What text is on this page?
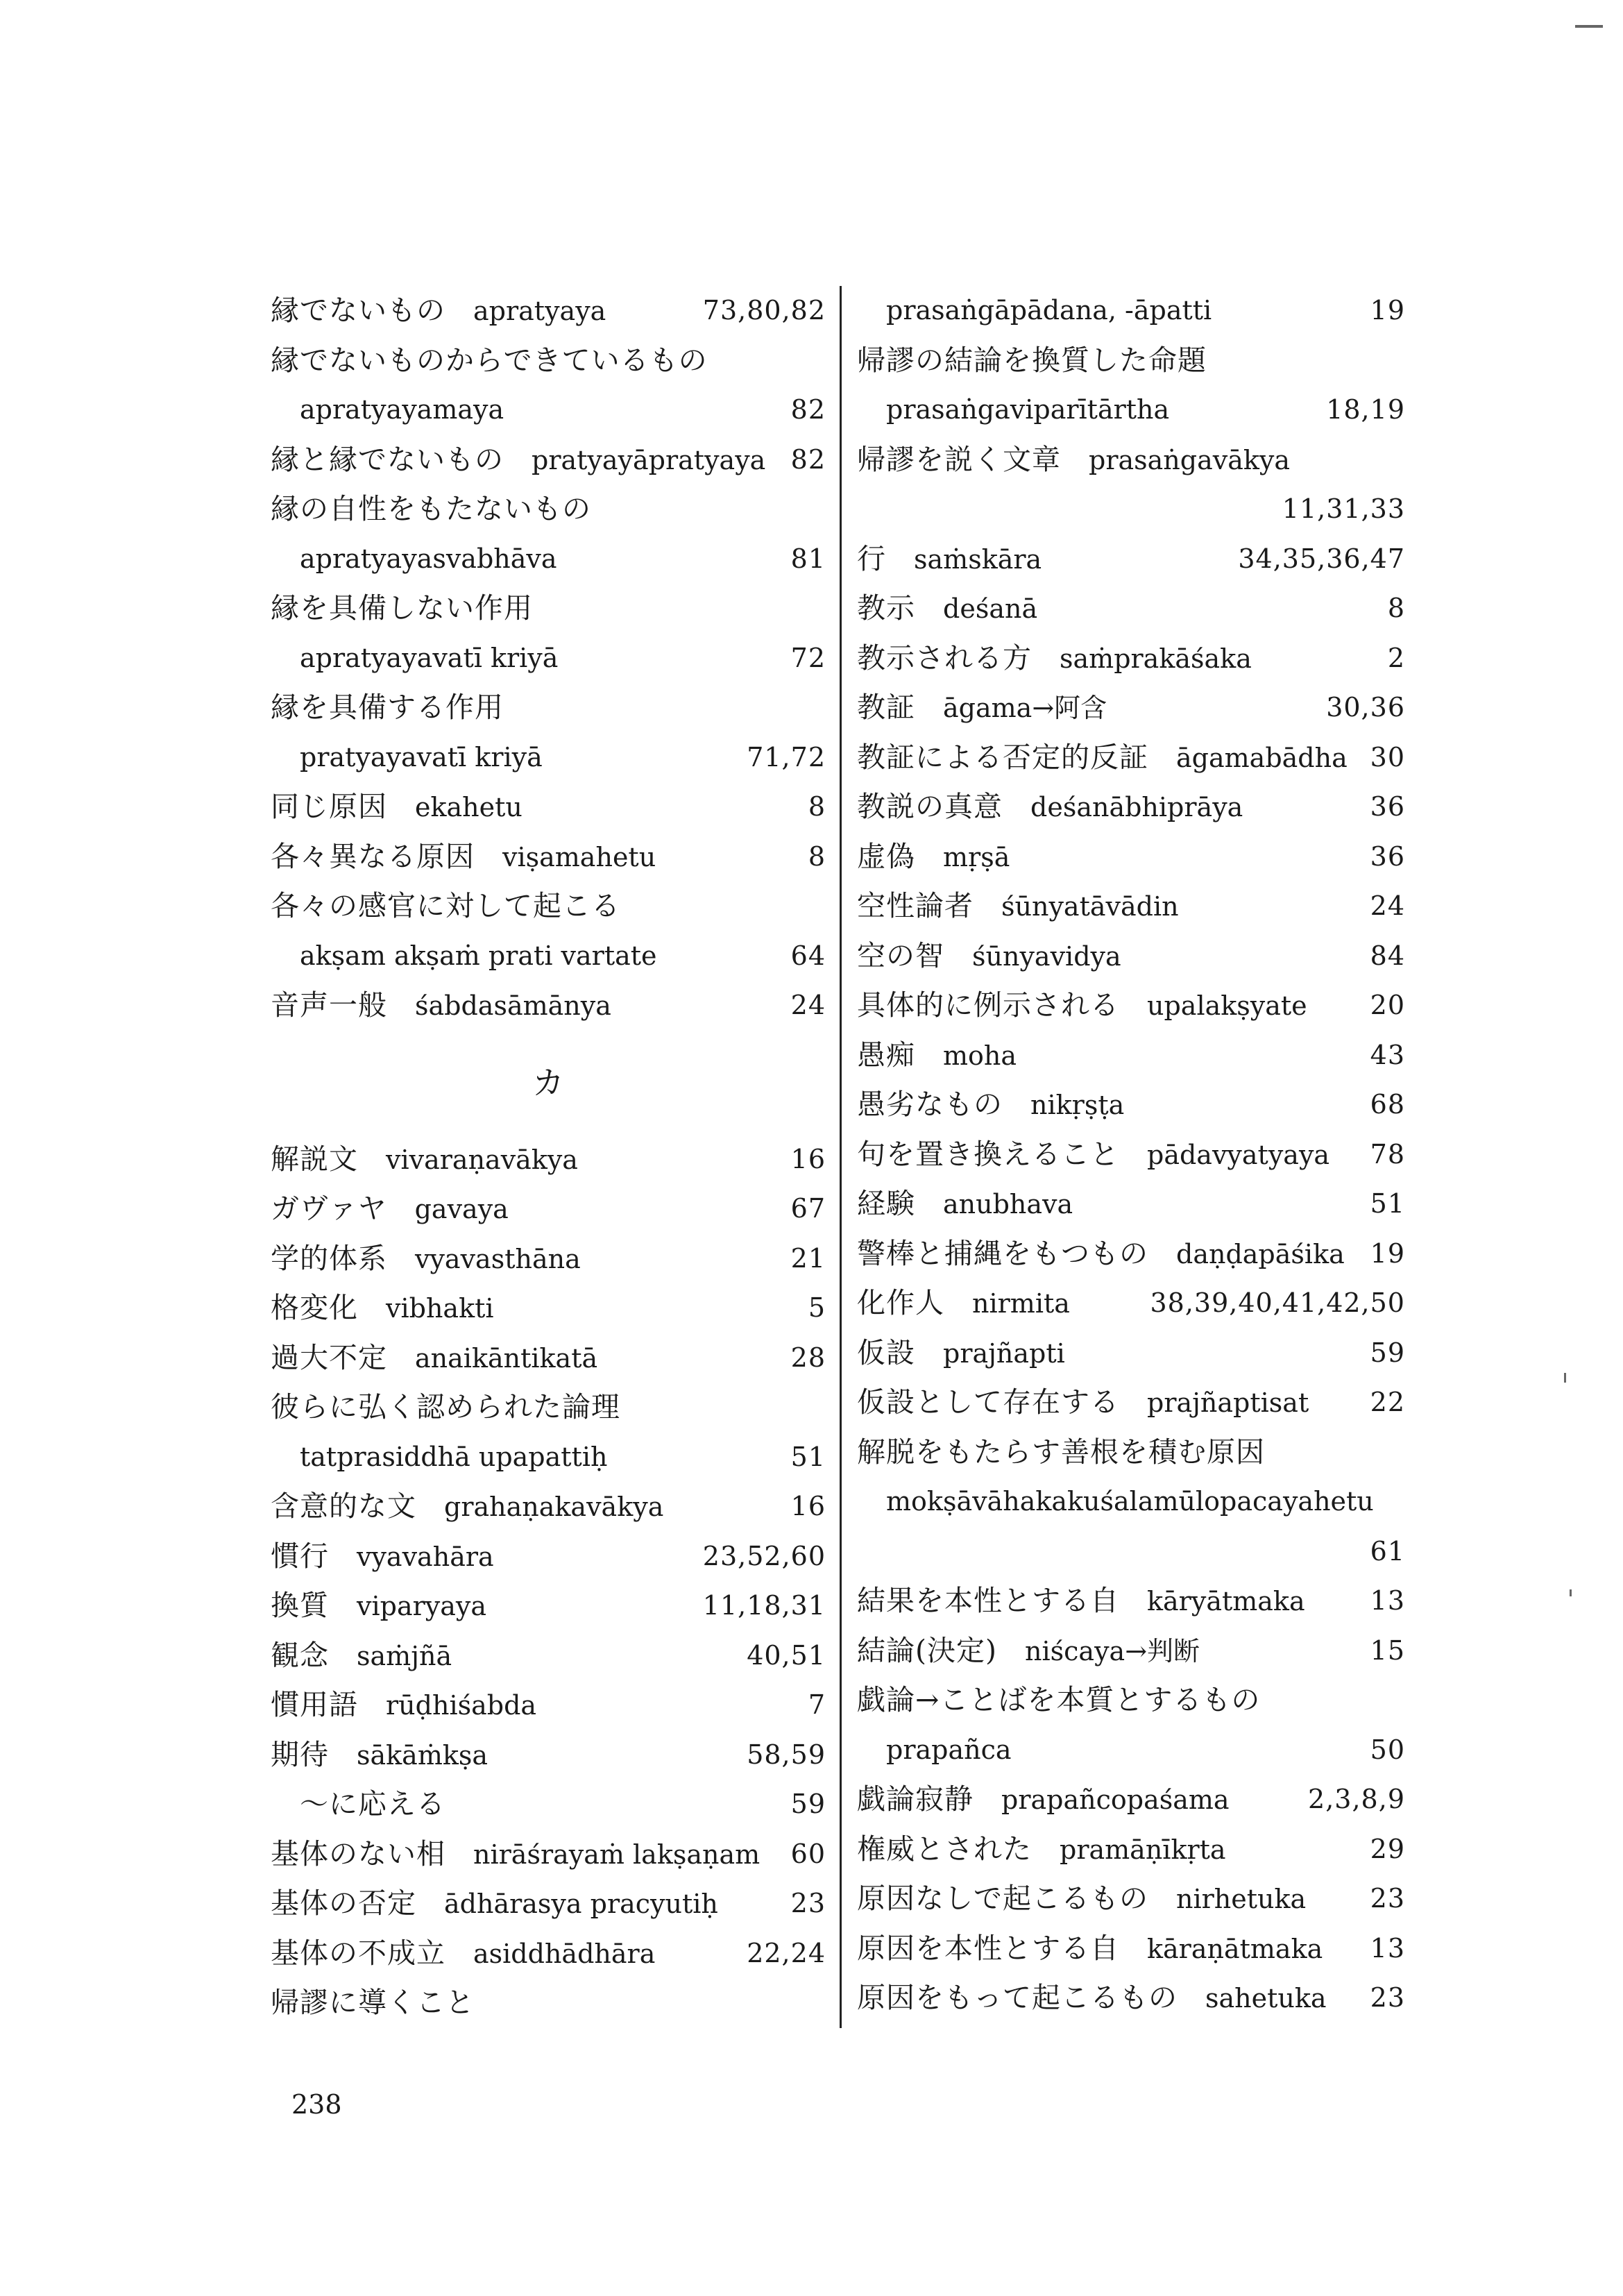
縁でないもの apratyaya	73,80,82
縁でないものからできているもの
apratyayamaya	82
縁と縁でないもの pratyayāpratyaya 82
縁の自性をもたないもの
apratyayasvabhāva	81
縁を具備しない作用
apratyayavatī kriyā	72
縁を具備する作用
pratyayavatī kriyā	71,72
同じ原因 ekahetu	8
各々異なる原因 viṣamahetu	8
各々の感官に対して起こる
akṣam akṣaṁ prati vartate	64
音声一般 śabdasāmānya	24
カ
解説文 vivaraṇavākya	16
ガヴァヤ gavaya	67
学的体系 vyavasthāna	21
格変化 vibhakti	5
過大不定 anaikāntikatā	28
彼らに弘く認められた論理
tatprasiddhā upapattiḥ	51
含意的な文 grahaṇakavākya	16
慣行 vyavahāra	23,52,60
換質 viparyaya	11,18,31
観念 saṁjñā	40,51
慣用語 rūḍhiśabda	7
期待 sākāṁkṣa	58,59
～に応える	59
基体のない相 nirāśrayaṁ lakṣaṇam 60
基体の否定 ādhārasya pracyutiḥ	23
基体の不成立 asiddhādhāra	22,24
帰謬に導くこと
prasaṅgāpādana, -āpatti	19
帰謬の結論を換質した命題
prasaṅgaviparītārtha	18,19
帰謬を説く文章 prasaṅgavākya
11,31,33
行 saṁskāra	34,35,36,47
教示 deśanā	8
教示される方 saṁprakāśaka	2
教証 āgama→阿含	30,36
教証による否定的反証 āgamabādha 30
教説の真意 deśanābhiprāya	36
虚偽 mṛṣā	36
空性論者 śūnyatāvādin	24
空の智 śūnyavidya	84
具体的に例示される upalakṣyate 20
愚痴 moha	43
愚劣なもの nikṛṣṭa	68
句を置き換えること pādavyatyaya 78
経験 anubhava	51
警棒と捕縄をもつもの daṇḍapāśika 19
化作人 nirmita	38,39,40,41,42,50
仮設 prajñapti	59
仮設として存在する prajñaptisat 22
解脱をもたらす善根を積む原因
mokṣāvāhakakuśalamūlopacayahetu
61
結果を本性とする自 kāryātmaka 13
結論(決定) niścaya→判断	15
戯論→ことばを本質とするもの
prapañca	50
戯論寂静 prapañcopaśama	2,3,8,9
権威とされた pramāṇīkṛta	29
原因なしで起こるもの nirhetuka 23
原因を本性とする自 kāraṇātmaka 13
原因をもって起こるもの sahetuka 23
238
